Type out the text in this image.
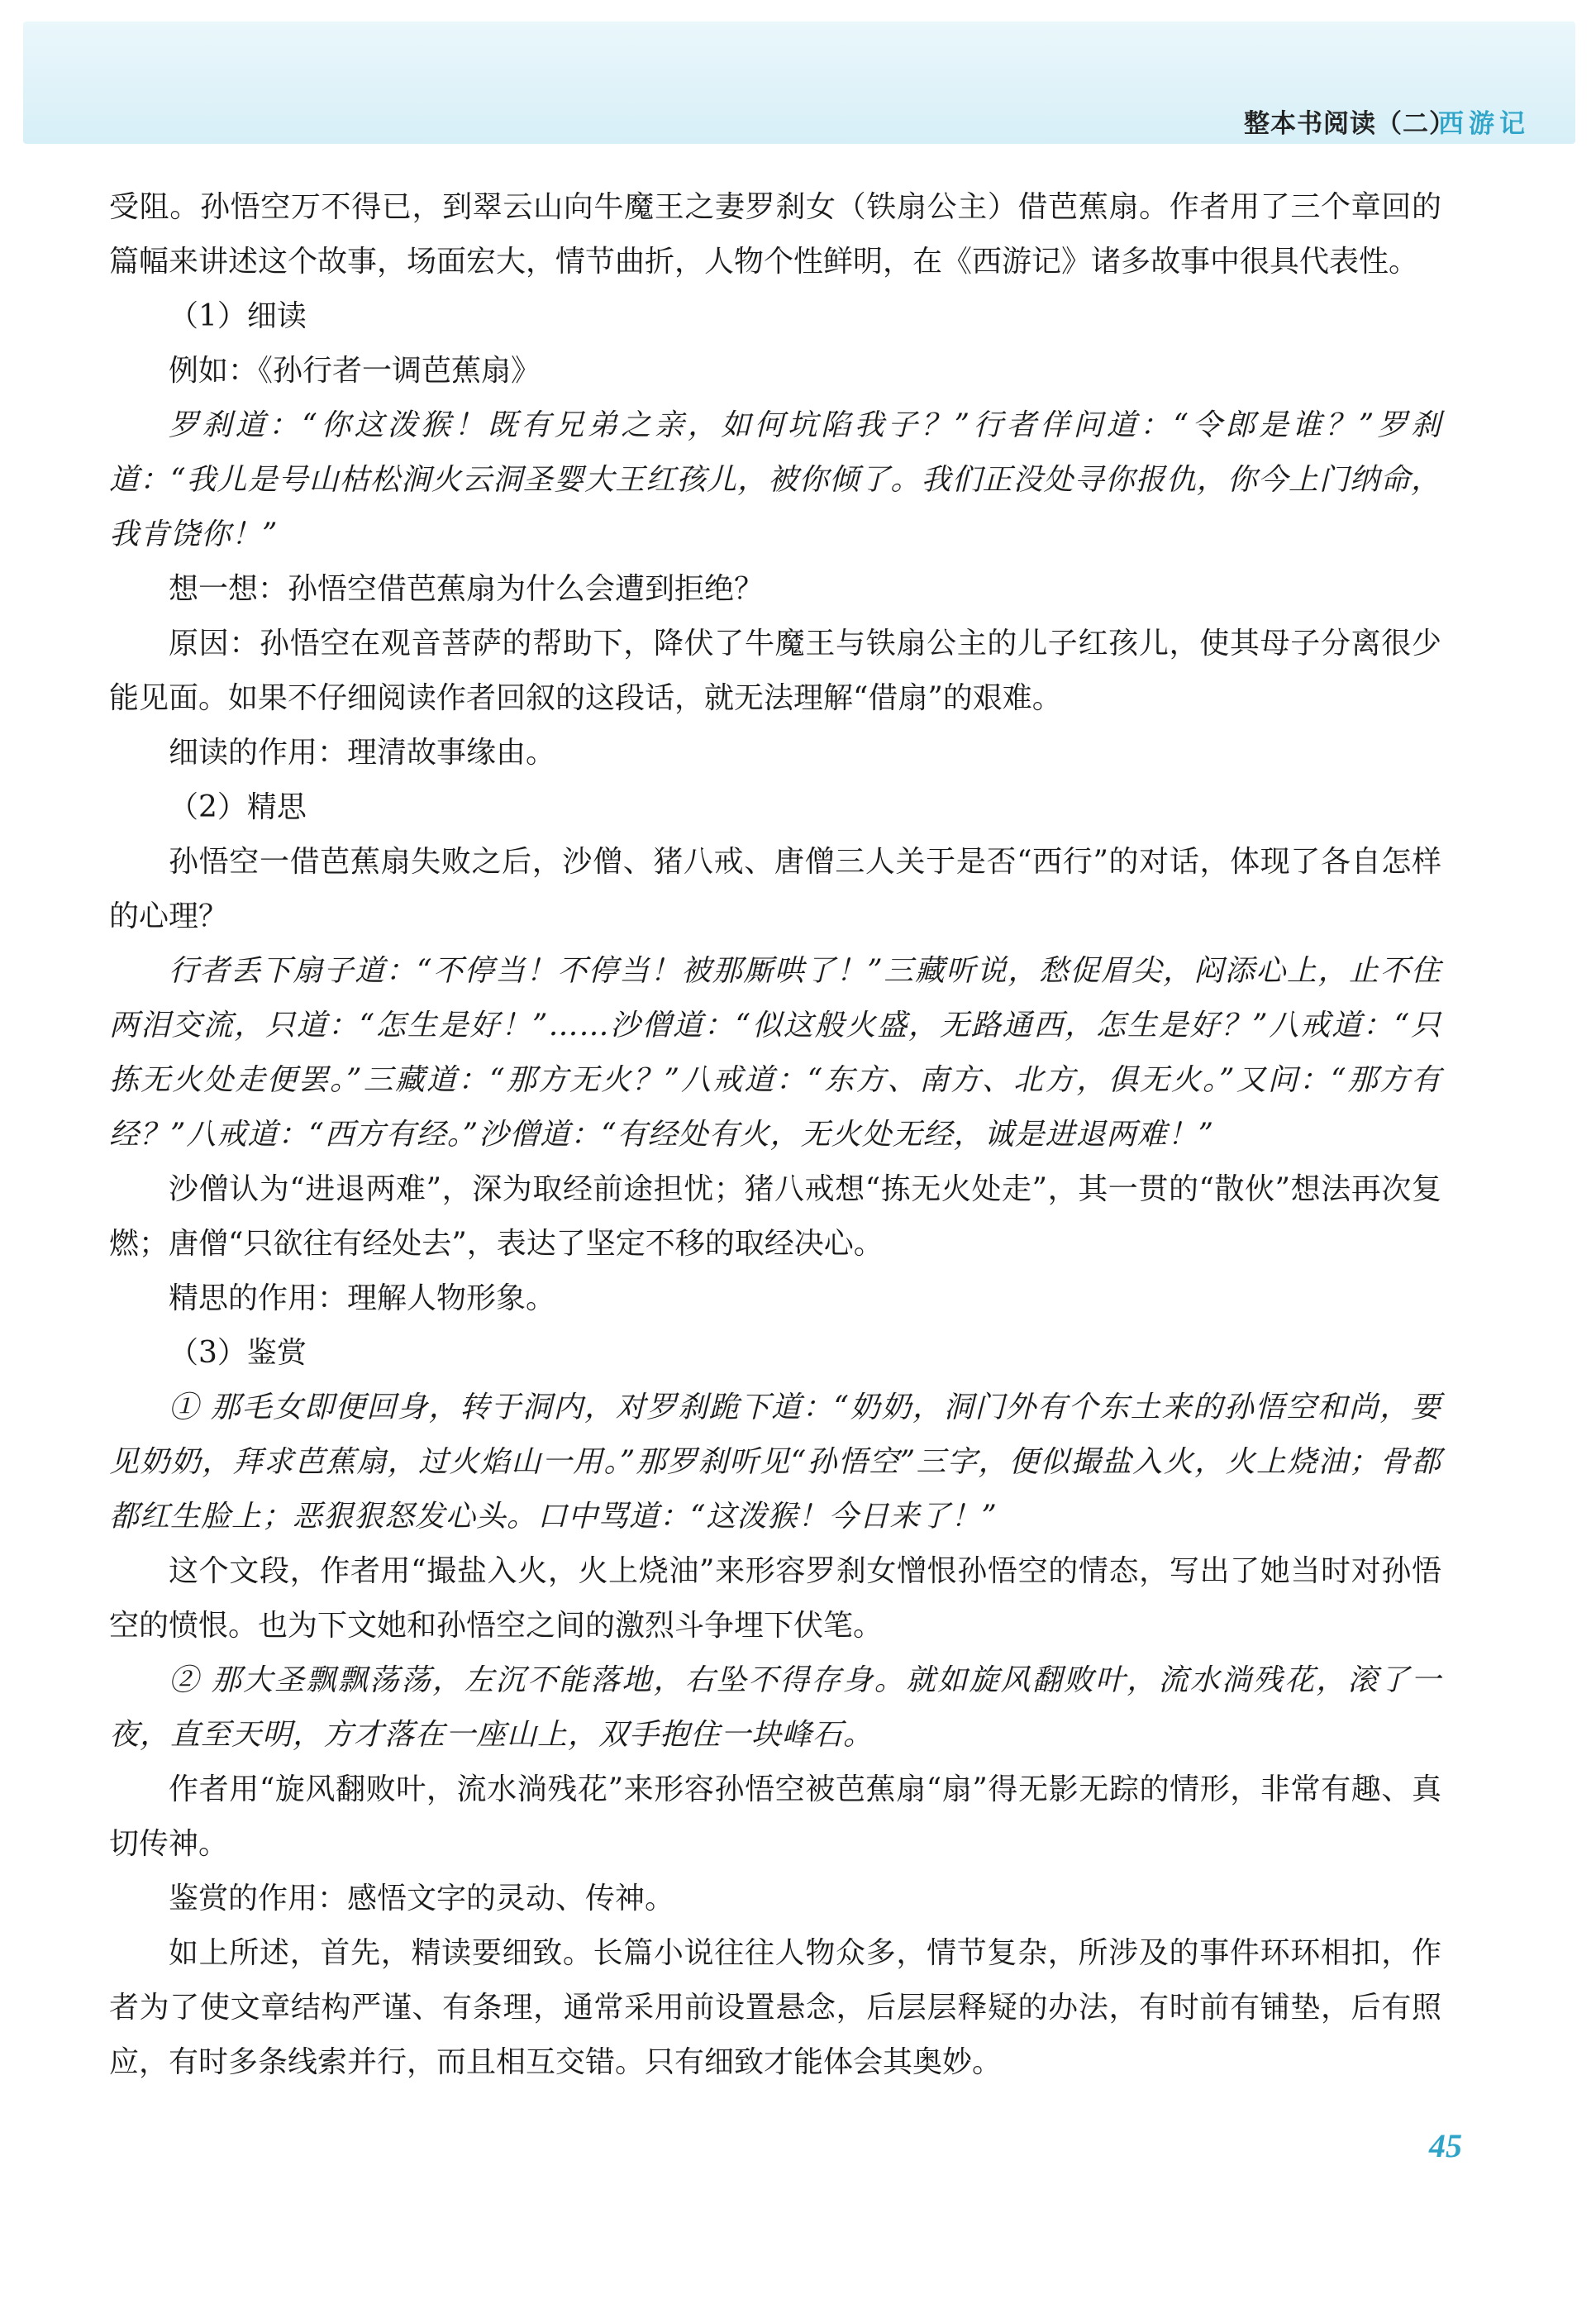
整本书阅读（二）
西游记

受阻。孙悟空万不得已，到翠云山向牛魔王之妻罗刹女（铁扇公主）借芭蕉扇。作者用了三个章回的篇幅来讲述这个故事，场面宏大，情节曲折，人物个性鲜明，在《西游记》诸多故事中很具代表性。

（1）细读

例如：《孙行者一调芭蕉扇》

罗刹道：“你这泼猴！既有兄弟之亲，如何坑陷我子？”行者佯问道：“令郎是谁？”罗刹道：“我儿是号山枯松涧火云洞圣婴大王红孩儿，被你倾了。我们正没处寻你报仇，你今上门纳命，我肯饶你！”

想一想：孙悟空借芭蕉扇为什么会遭到拒绝？

原因：孙悟空在观音菩萨的帮助下，降伏了牛魔王与铁扇公主的儿子红孩儿，使其母子分离很少能见面。如果不仔细阅读作者回叙的这段话，就无法理解“借扇”的艰难。

细读的作用：理清故事缘由。

（2）精思

孙悟空一借芭蕉扇失败之后，沙僧、猪八戒、唐僧三人关于是否“西行”的对话，体现了各自怎样的心理？

行者丢下扇子道：“不停当！不停当！被那厮哄了！”三藏听说，愁促眉尖，闷添心上，止不住两泪交流，只道：“怎生是好！”……沙僧道：“似这般火盛，无路通西，怎生是好？”八戒道：“只拣无火处走便罢。”三藏道：“那方无火？”八戒道：“东方、南方、北方，俱无火。”又问：“那方有经？”八戒道：“西方有经。”沙僧道：“有经处有火，无火处无经，诚是进退两难！”

沙僧认为“进退两难”，深为取经前途担忧；猪八戒想“拣无火处走”，其一贯的“散伙”想法再次复燃；唐僧“只欲往有经处去”，表达了坚定不移的取经决心。

精思的作用：理解人物形象。

（3）鉴赏

① 那毛女即便回身，转于洞内，对罗刹跪下道：“奶奶，洞门外有个东土来的孙悟空和尚，要见奶奶，拜求芭蕉扇，过火焰山一用。”那罗刹听见“孙悟空”三字，便似撮盐入火，火上烧油；骨都都红生脸上；恶狠狠怒发心头。口中骂道：“这泼猴！今日来了！”

这个文段，作者用“撮盐入火，火上烧油”来形容罗刹女憎恨孙悟空的情态，写出了她当时对孙悟空的愤恨。也为下文她和孙悟空之间的激烈斗争埋下伏笔。

② 那大圣飘飘荡荡，左沉不能落地，右坠不得存身。就如旋风翻败叶，流水淌残花，滚了一夜，直至天明，方才落在一座山上，双手抱住一块峰石。

作者用“旋风翻败叶，流水淌残花”来形容孙悟空被芭蕉扇“扇”得无影无踪的情形，非常有趣、真切传神。

鉴赏的作用：感悟文字的灵动、传神。

如上所述，首先，精读要细致。长篇小说往往人物众多，情节复杂，所涉及的事件环环相扣，作者为了使文章结构严谨、有条理，通常采用前设置悬念，后层层释疑的办法，有时前有铺垫，后有照应，有时多条线索并行，而且相互交错。只有细致才能体会其奥妙。

45
